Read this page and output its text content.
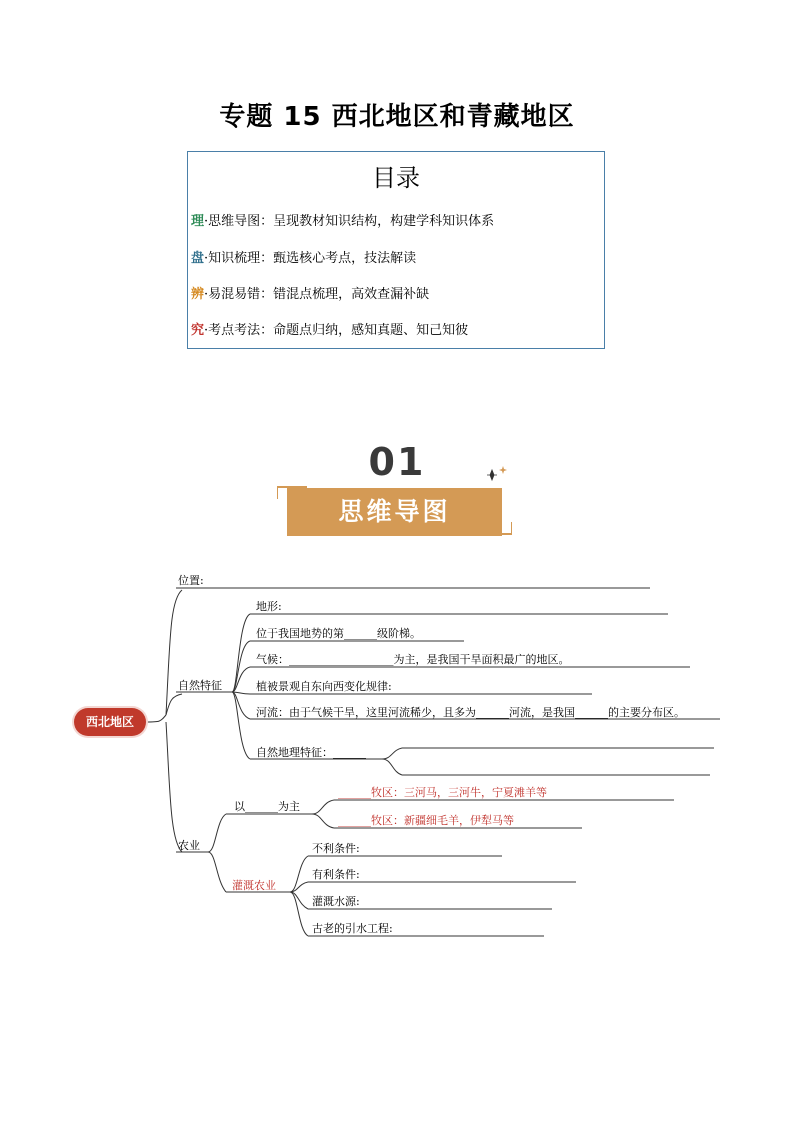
专题 15 西北地区和青藏地区
目录
理·思维导图：呈现教材知识结构，构建学科知识体系
盘·知识梳理：甄选核心考点，技法解读
辨·易混易错：错混点梳理，高效查漏补缺
究·考点考法：命题点归纳，感知真题、知己知彼
01
思维导图
西北地区
位置:
自然特征
地形:
位于我国地势的第______级阶梯。
气候：___________________为主，是我国干旱面积最广的地区。
植被景观自东向西变化规律:
河流：由于气候干旱，这里河流稀少，且多为______河流，是我国______的主要分布区。
自然地理特征：______
农业
以______为主
______牧区：三河马，三河牛，宁夏滩羊等
______牧区：新疆细毛羊，伊犁马等
灌溉农业
不利条件:
有利条件:
灌溉水源:
古老的引水工程:
